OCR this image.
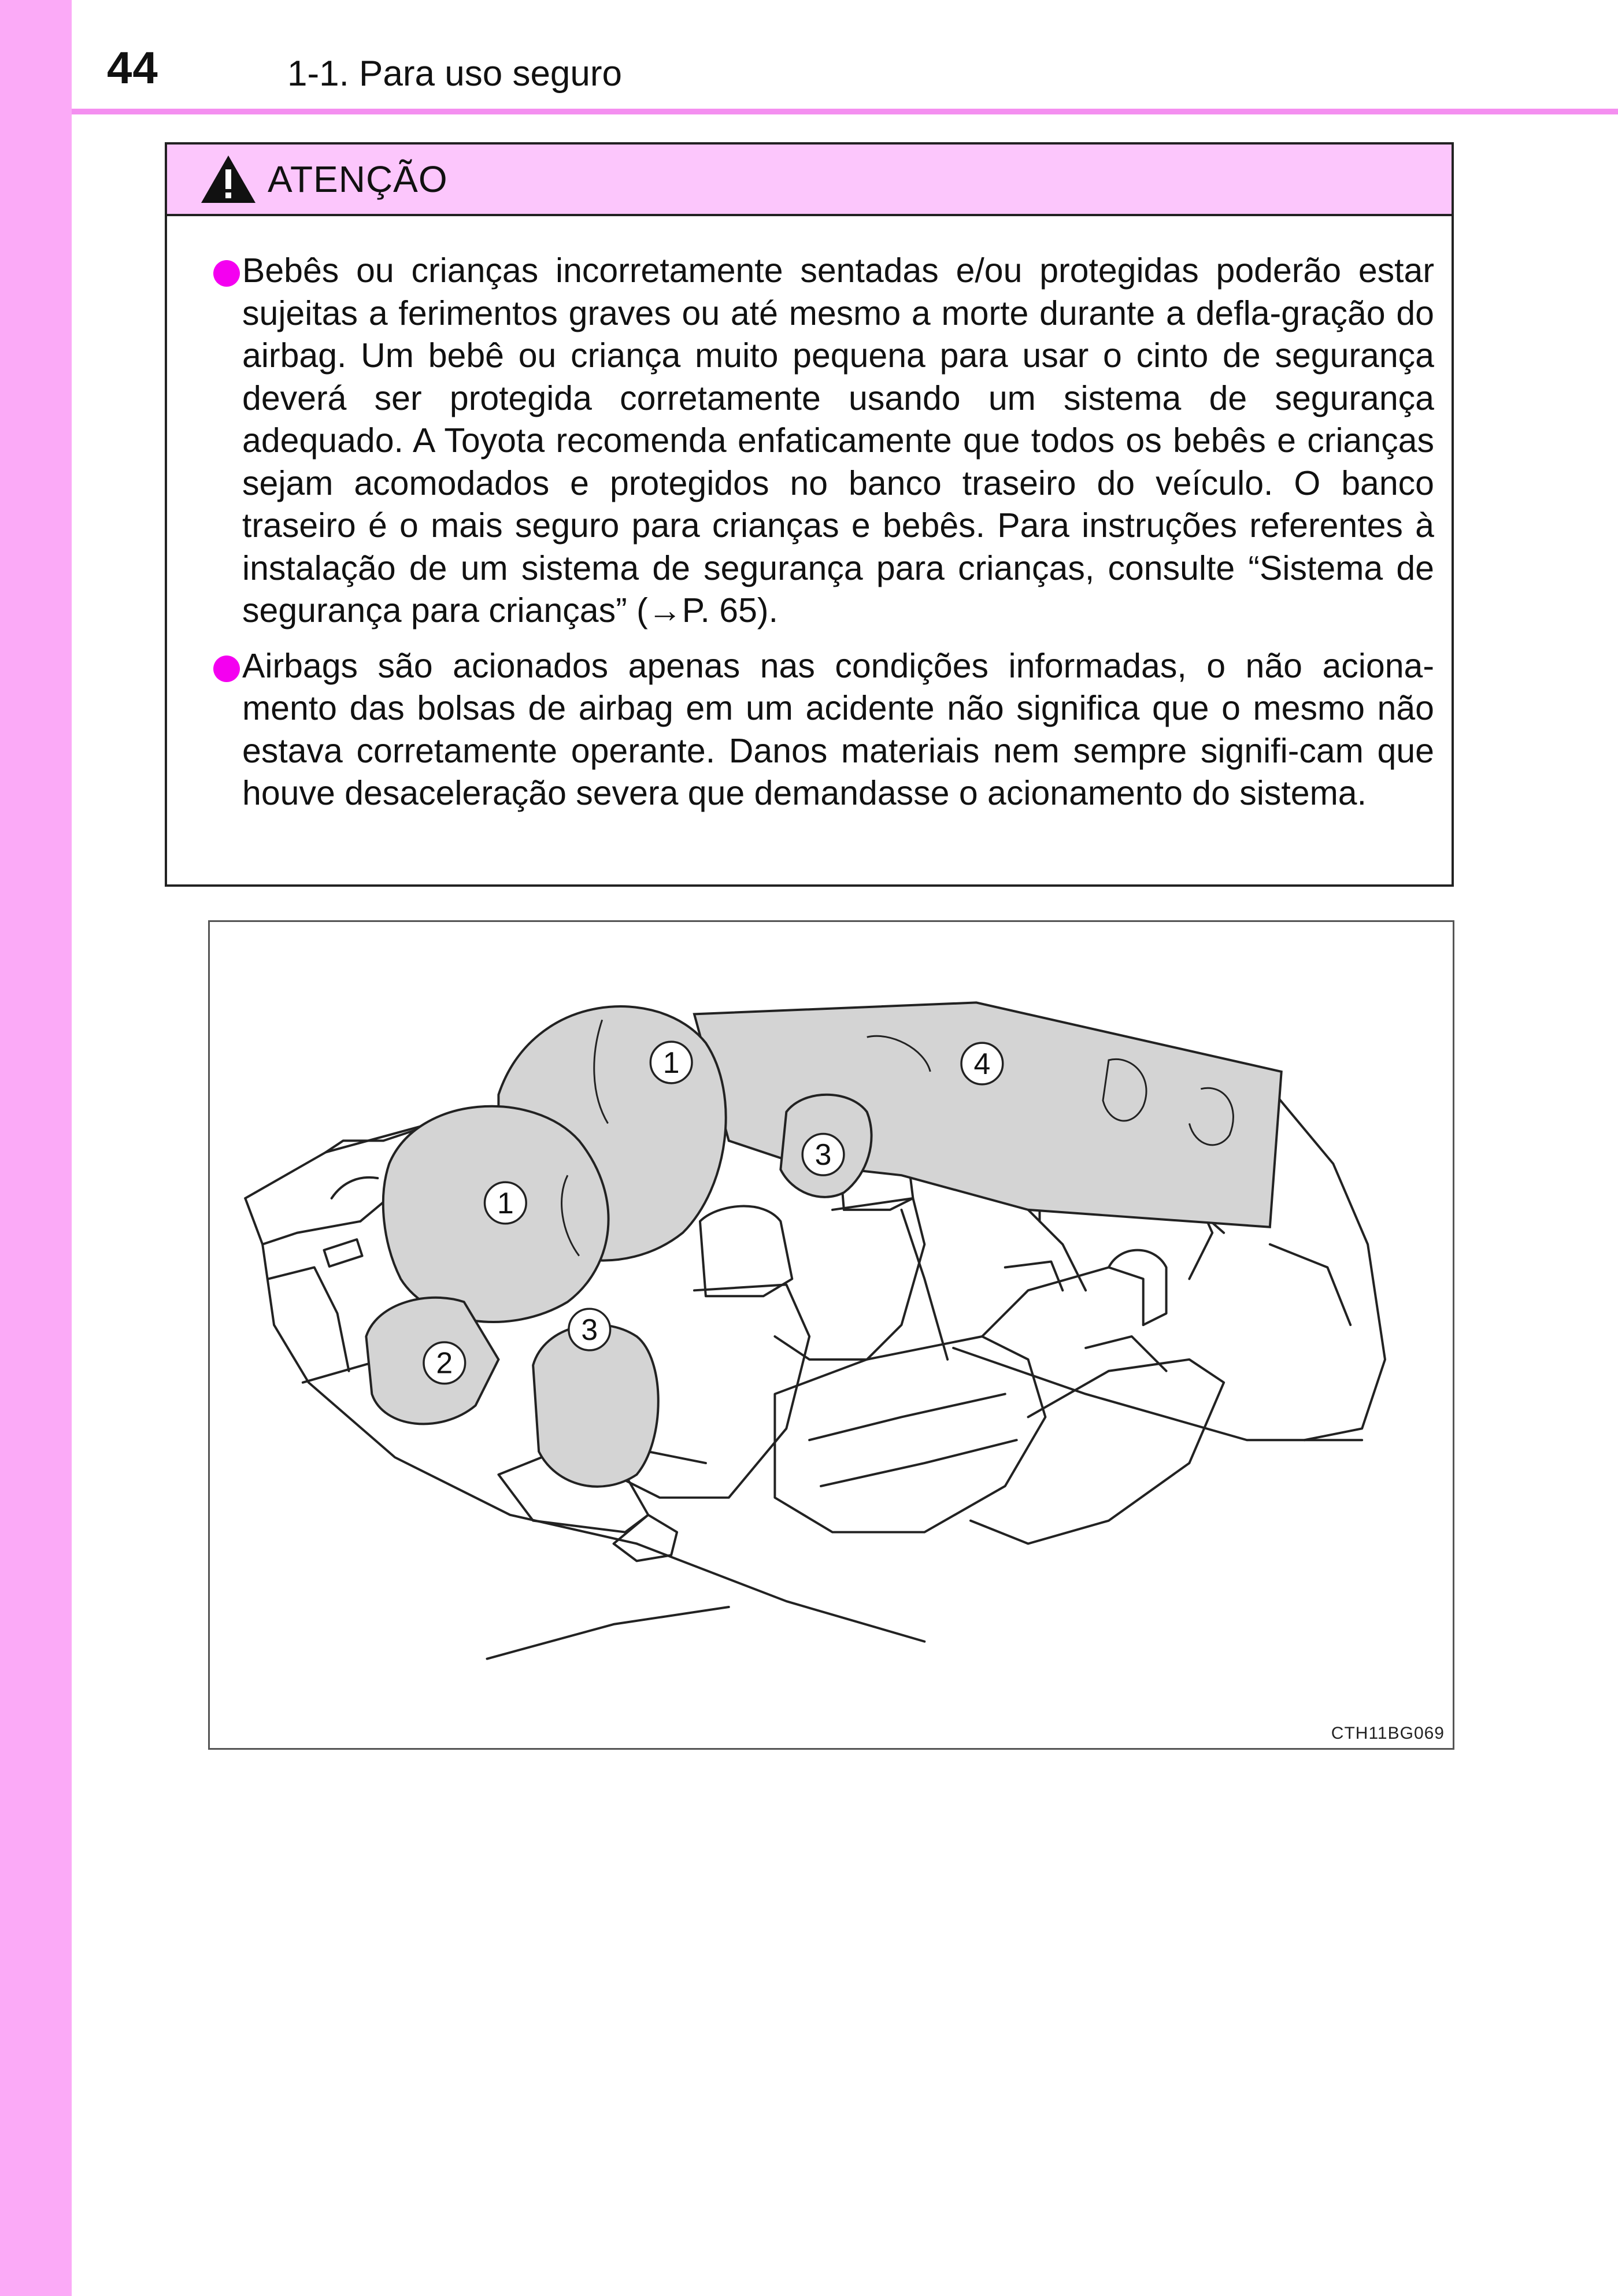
44	1-1. Para uso seguro
ATENÇÃO
Bebês ou crianças incorretamente sentadas e/ou protegidas poderão estar sujeitas a ferimentos graves ou até mesmo a morte durante a defla-gração do airbag. Um bebê ou criança muito pequena para usar o cinto de segurança deverá ser protegida corretamente usando um sistema de segurança adequado. A Toyota recomenda enfaticamente que todos os bebês e crianças sejam acomodados e protegidos no banco traseiro do veículo. O banco traseiro é o mais seguro para crianças e bebês. Para instruções referentes à instalação de um sistema de segurança para crianças, consulte “Sistema de segurança para crianças” (→P. 65).
Airbags são acionados apenas nas condições informadas, o não aciona-mento das bolsas de airbag em um acidente não significa que o mesmo não estava corretamente operante. Danos materiais nem sempre signifi-cam que houve desaceleração severa que demandasse o acionamento do sistema.
1
1
2
3
3
4
CTH11BG069
